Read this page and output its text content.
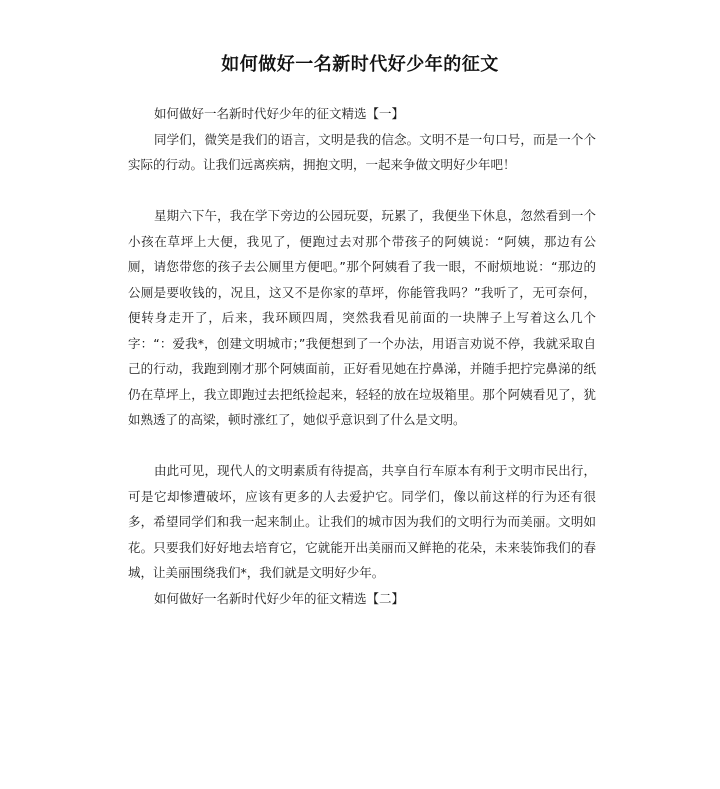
如何做好一名新时代好少年的征文

如何做好一名新时代好少年的征文精选【一】

同学们，微笑是我们的语言，文明是我的信念。文明不是一句口号，而是一个个实际的行动。让我们远离疾病，拥抱文明，一起来争做文明好少年吧！

星期六下午，我在学下旁边的公园玩耍，玩累了，我便坐下休息，忽然看到一个小孩在草坪上大便，我见了，便跑过去对那个带孩子的阿姨说：“阿姨，那边有公厕，请您带您的孩子去公厕里方便吧。”那个阿姨看了我一眼，不耐烦地说：“那边的公厕是要收钱的，况且，这又不是你家的草坪，你能管我吗？”我听了，无可奈何，便转身走开了，后来，我环顾四周，突然我看见前面的一块牌子上写着这么几个字：“：爱我*，创建文明城市；”我便想到了一个办法，用语言劝说不停，我就采取自己的行动，我跑到刚才那个阿姨面前，正好看见她在拧鼻涕，并随手把拧完鼻涕的纸仍在草坪上，我立即跑过去把纸捡起来，轻轻的放在垃圾箱里。那个阿姨看见了，犹如熟透了的高梁，顿时涨红了，她似乎意识到了什么是文明。

由此可见，现代人的文明素质有待提高，共享自行车原本有利于文明市民出行，可是它却惨遭破坏，应该有更多的人去爱护它。同学们，像以前这样的行为还有很多，希望同学们和我一起来制止。让我们的城市因为我们的文明行为而美丽。文明如花。只要我们好好地去培育它，它就能开出美丽而又鲜艳的花朵，未来装饰我们的春城，让美丽围绕我们*，我们就是文明好少年。

如何做好一名新时代好少年的征文精选【二】
